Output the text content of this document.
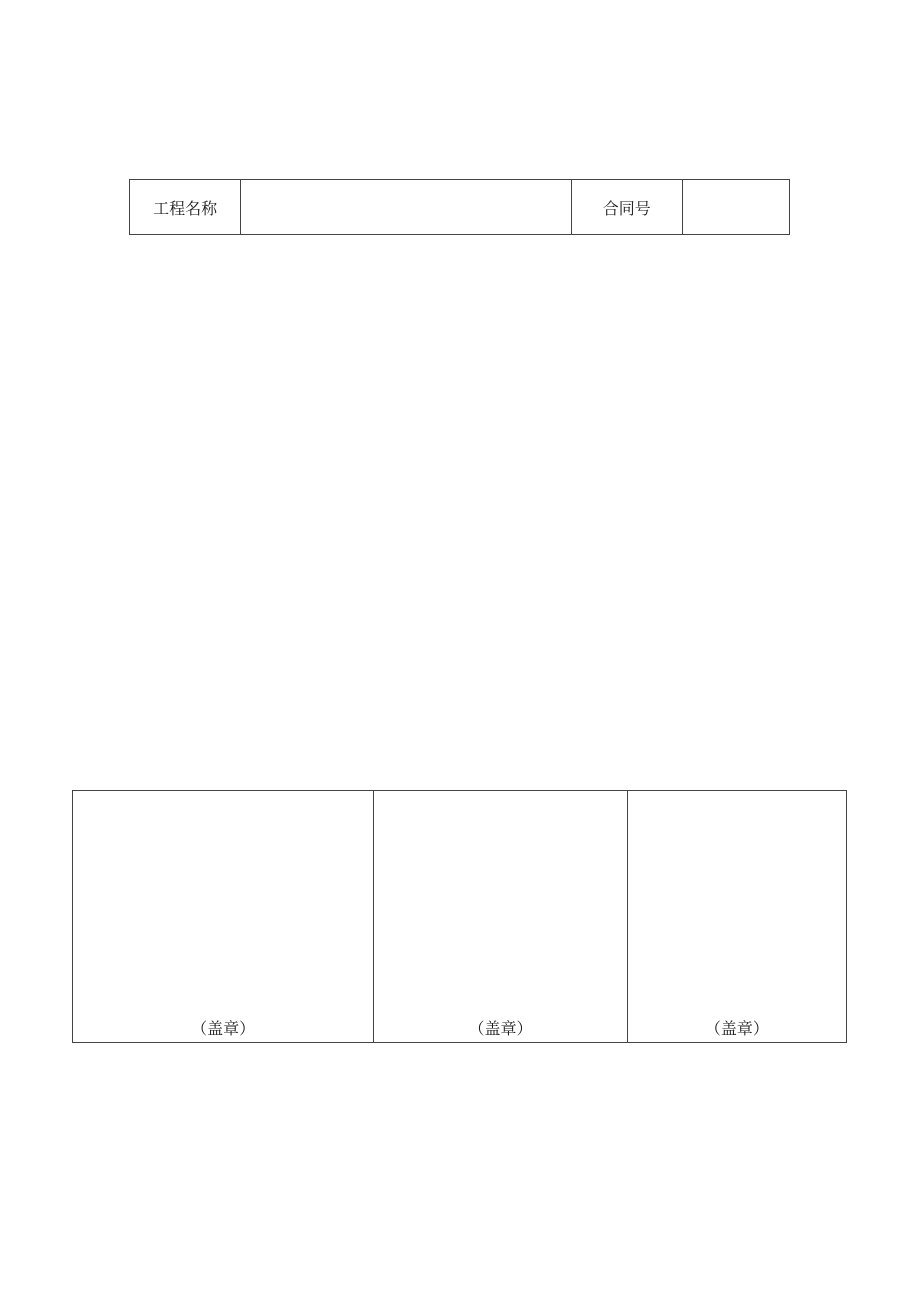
工程名称		合同号	
（盖章）	（盖章）	（盖章）
